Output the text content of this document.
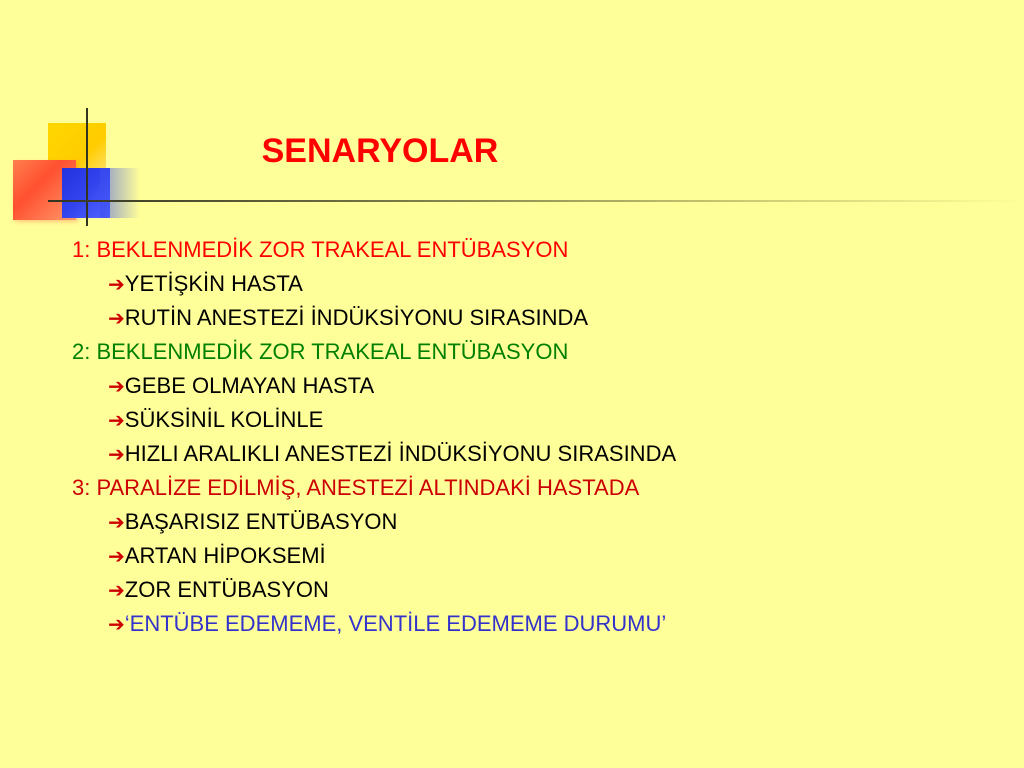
SENARYOLAR
1: BEKLENMEDİK ZOR TRAKEAL ENTÜBASYON
➔YETİŞKİN HASTA
➔RUTİN ANESTEZİ İNDÜKSİYONU SIRASINDA
2: BEKLENMEDİK ZOR TRAKEAL ENTÜBASYON
➔GEBE OLMAYAN HASTA
➔SÜKSİNİL KOLİNLE
➔HIZLI ARALIKLI ANESTEZİ İNDÜKSİYONU SIRASINDA
3: PARALİZE EDİLMİŞ, ANESTEZİ ALTINDAKİ HASTADA
➔BAŞARISIZ ENTÜBASYON
➔ARTAN HİPOKSEMİ
➔ZOR ENTÜBASYON
➔‘ENTÜBE EDEMEME, VENTİLE EDEMEME DURUMU’
